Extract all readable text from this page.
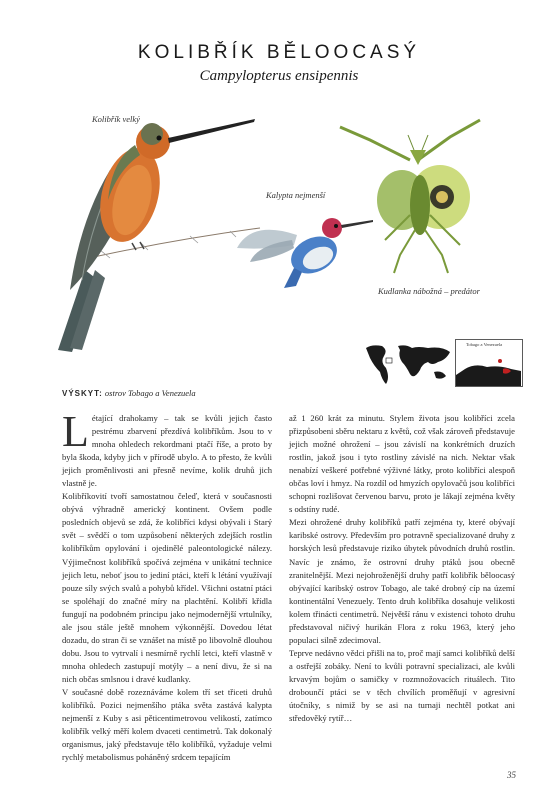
KOLIBŘÍK BĚLOOCASÝ
Campylopterus ensipennis
Kolibřík velký
Kalypta nejmenší
Kudlanka nábožná – predátor
Tobago a Venezuela
VÝSKYT: ostrov Tobago a Venezuela

Létající drahokamy – tak se kvůli jejich často pestrému zbarvení přezdívá kolibříkům. Jsou to v mnoha ohledech rekordmani ptačí říše, a proto by byla škoda, kdyby jich v přírodě ubylo. A to přesto, že kvůli jejich proměnlivosti ani přesně nevíme, kolik druhů jich vlastně je.

Kolibříkovití tvoří samostatnou čeleď, která v současnosti obývá výhradně americký kontinent. Ovšem podle posledních objevů se zdá, že kolibříci kdysi obývali i Starý svět – svědčí o tom uzpůsobení některých zdejších rostlin kolibříkům opylování i ojedinělé paleontologické nálezy. Výjimečnost kolibříků spočívá zejména v unikátní technice jejich letu, neboť jsou to jediní ptáci, kteří k létání využívají pouze síly svých svalů a pohybů křídel. Všichni ostatní ptáci se spoléhají do značné míry na plachtění. Kolibří křídla fungují na podobném principu jako nejmodernější vrtulníky, ale jsou stále ještě mnohem výkonnější. Dovedou létat dozadu, do stran či se vznášet na místě po libovolně dlouhou dobu. Jsou to vytrvalí i nesmírně rychlí letci, kteří vlastně v mnoha ohledech zastupují motýly – a není divu, že si na nich občas smlsnou i dravé kudlanky.

V současné době rozeznáváme kolem tří set třiceti druhů kolibříků. Pozici nejmenšího ptáka světa zastává kalypta nejmenší z Kuby s asi pěticentimetrovou velikostí, zatímco kolibřík velký měří kolem dvaceti centimetrů. Tak dokonalý organismus, jaký představuje tělo kolibříků, vyžaduje velmi rychlý metabolismus poháněný srdcem tepajícím

až 1 260 krát za minutu. Stylem života jsou kolibříci zcela přizpůsobeni sběru nektaru z květů, což však zároveň představuje jejich možné ohrožení – jsou závislí na konkrétních druzích rostlin, jakož jsou i tyto rostliny závislé na nich. Nektar však nenabízí veškeré potřebné výživné látky, proto kolibříci alespoň občas loví i hmyz. Na rozdíl od hmyzích opylovačů jsou kolibříci schopni rozlišovat červenou barvu, proto je lákají zejména květy s odstíny rudé.

Mezi ohrožené druhy kolibříků patří zejména ty, které obývají karibské ostrovy. Především pro potravně specializované druhy z horských lesů představuje riziko úbytek původních druhů rostlin. Navíc je známo, že ostrovní druhy ptáků jsou obecně zranitelnější. Mezi nejohroženější druhy patří kolibřík běloocasý obývající karibský ostrov Tobago, ale také drobný cíp na území kontinentální Venezuely. Tento druh kolibříka dosahuje velikosti kolem třinácti centimetrů. Největší ránu v existenci tohoto druhu představoval ničivý hurikán Flora z roku 1963, který jeho populaci silně zdecimoval.

Teprve nedávno vědci přišli na to, proč mají samci kolibříků delší a ostřejší zobáky. Není to kvůli potravní specializaci, ale kvůli krvavým bojům o samičky v rozmnožovacích rituálech. Tito drobounčí ptáci se v těch chvílích proměňují v agresivní útočníky, s nimiž by se asi na turnaji nechtěl potkat ani středověký rytíř…

35
